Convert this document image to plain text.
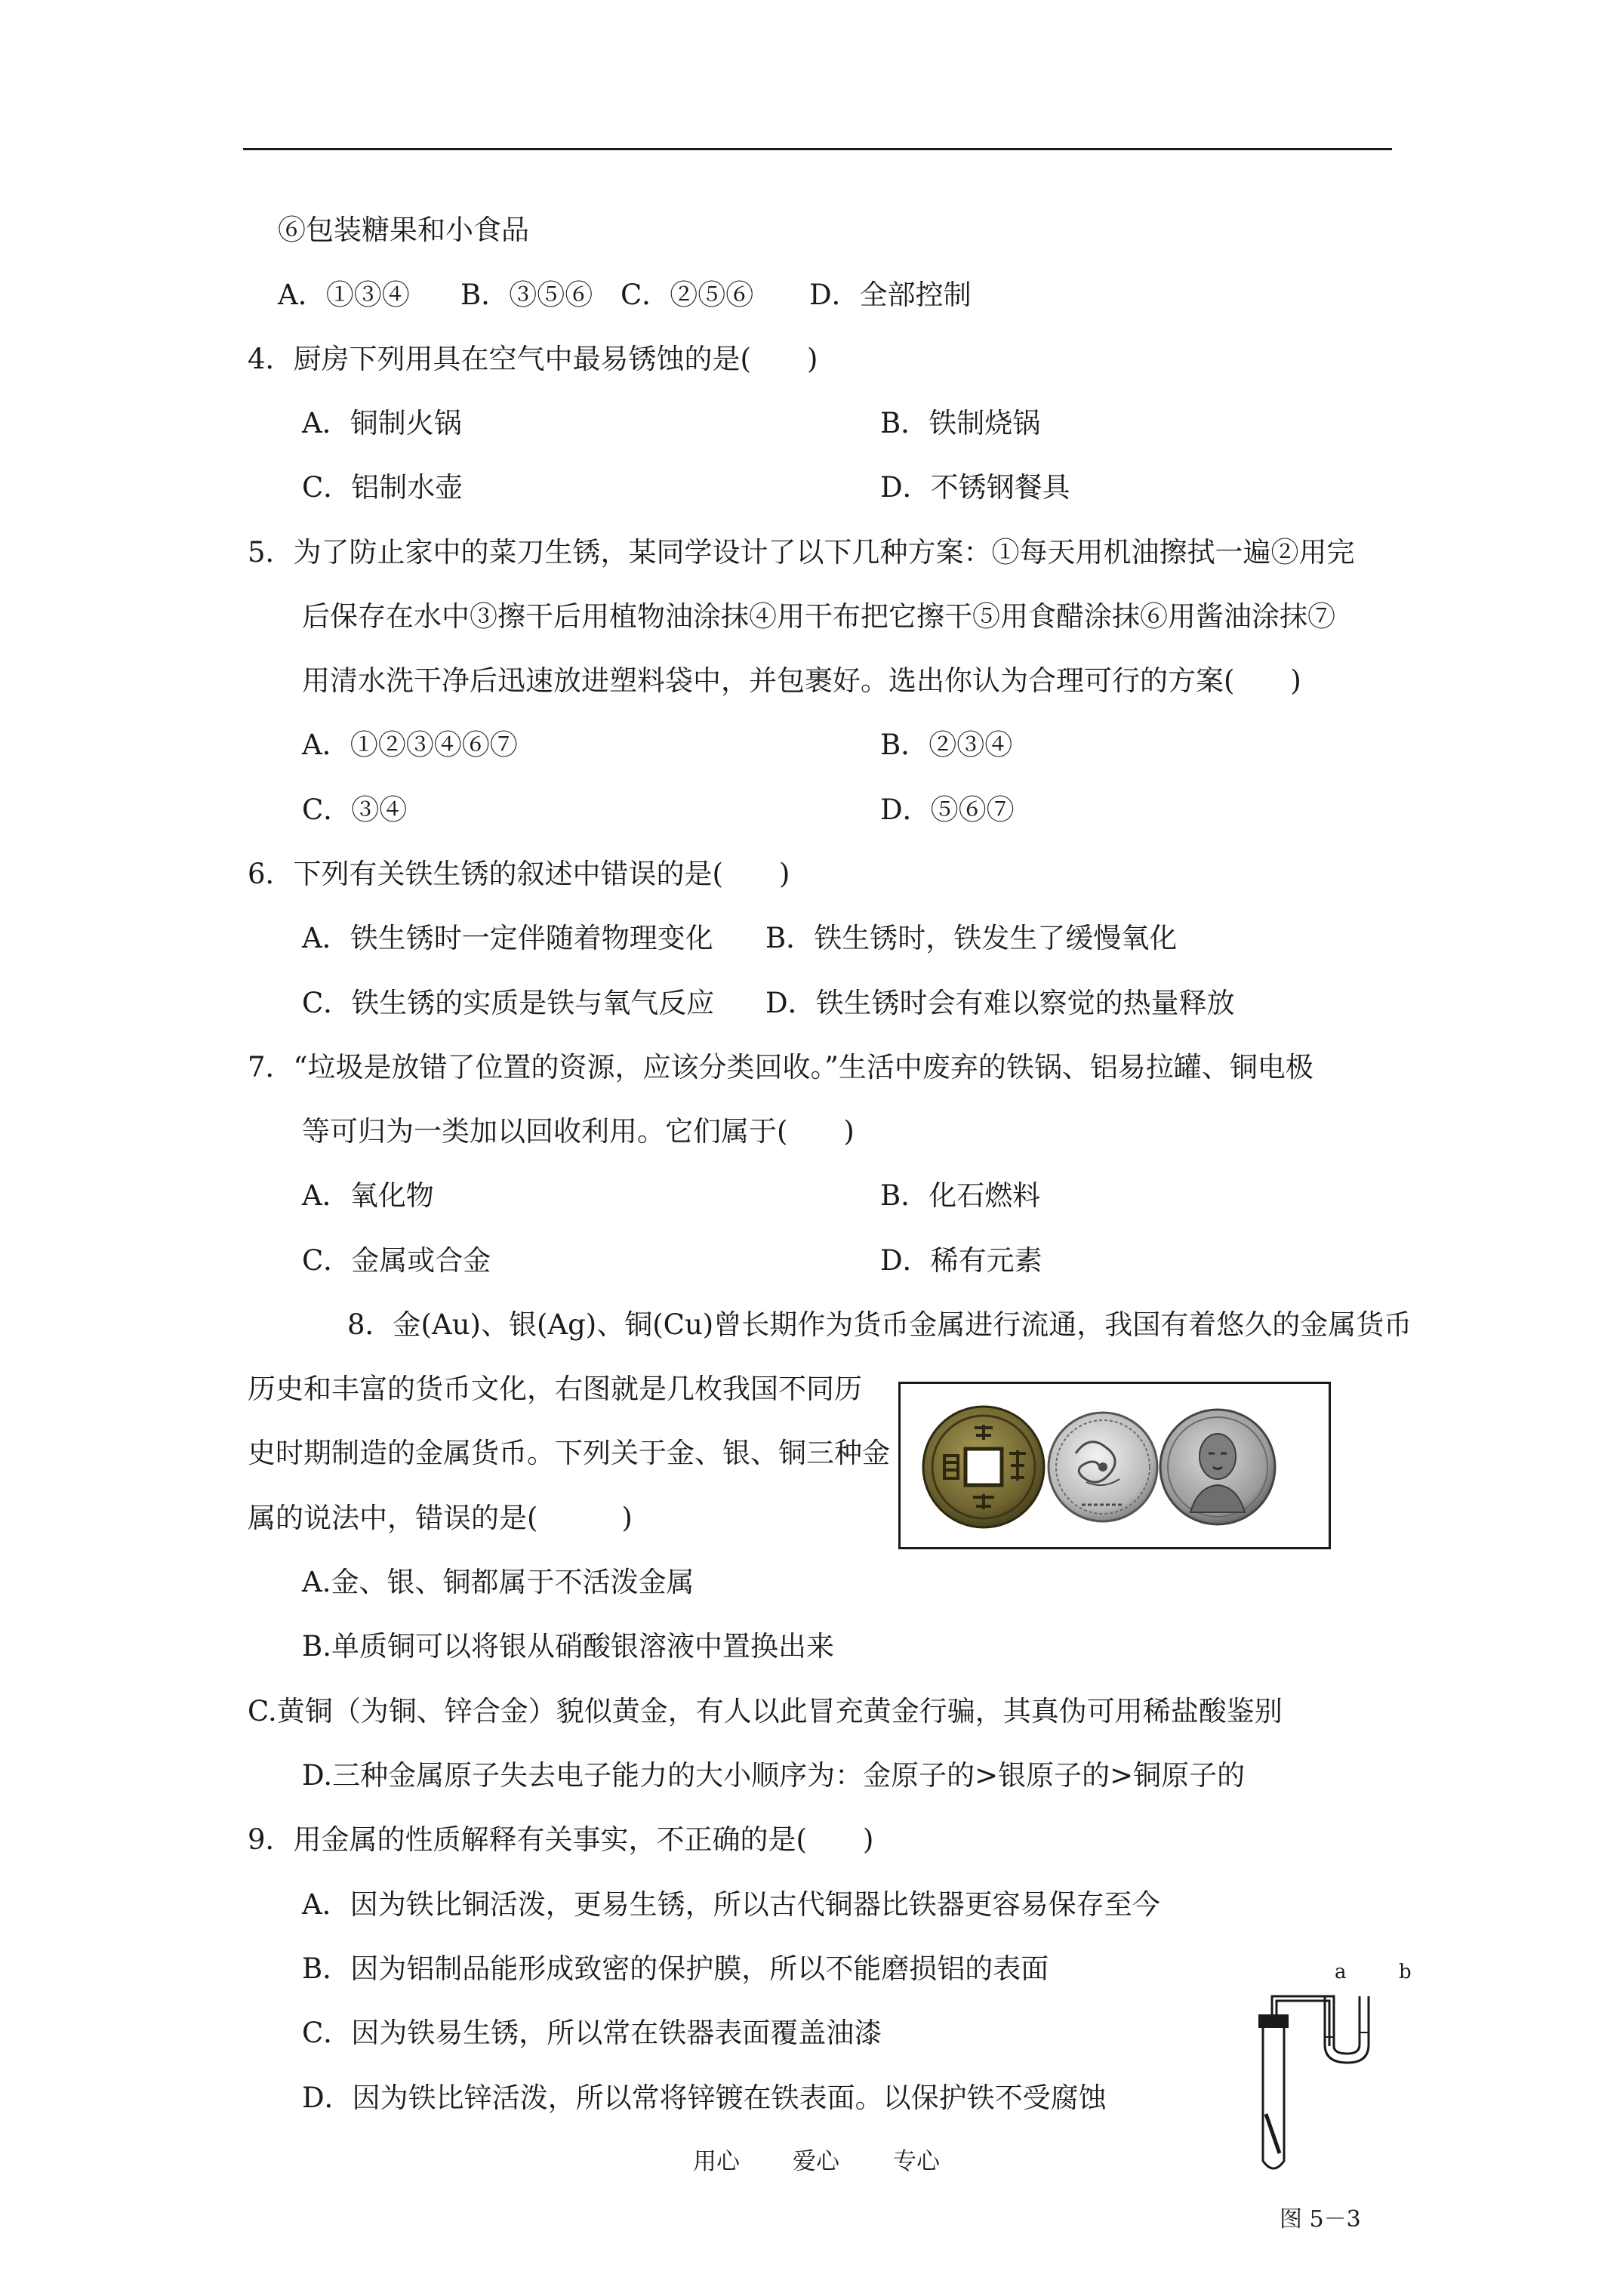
⑥包装糖果和小食品
A．①③④ B．③⑤⑥ C．②⑤⑥ D．全部控制
4．厨房下列用具在空气中最易锈蚀的是(　　)
A．铜制火锅	B．铁制烧锅
C．铝制水壶	D．不锈钢餐具
5．为了防止家中的菜刀生锈，某同学设计了以下几种方案：①每天用机油擦拭一遍②用完
后保存在水中③擦干后用植物油涂抹④用干布把它擦干⑤用食醋涂抹⑥用酱油涂抹⑦
用清水洗干净后迅速放进塑料袋中，并包裹好。选出你认为合理可行的方案(　　)
A．①②③④⑥⑦	B．②③④
C．③④	D．⑤⑥⑦
6．下列有关铁生锈的叙述中错误的是(　　)
A．铁生锈时一定伴随着物理变化 B．铁生锈时，铁发生了缓慢氧化
C．铁生锈的实质是铁与氧气反应 D．铁生锈时会有难以察觉的热量释放
7．“垃圾是放错了位置的资源，应该分类回收。”生活中废弃的铁锅、铝易拉罐、铜电极
等可归为一类加以回收利用。它们属于(　　)
A．氧化物	B．化石燃料
C．金属或合金	D．稀有元素
8．金(Au)、银(Ag)、铜(Cu)曾长期作为货币金属进行流通，我国有着悠久的金属货币
历史和丰富的货币文化，右图就是几枚我国不同历
史时期制造的金属货币。下列关于金、银、铜三种金
属的说法中，错误的是(　　　)
A.金、银、铜都属于不活泼金属
B.单质铜可以将银从硝酸银溶液中置换出来
C.黄铜（为铜、锌合金）貌似黄金，有人以此冒充黄金行骗，其真伪可用稀盐酸鉴别
D.三种金属原子失去电子能力的大小顺序为：金原子的>银原子的>铜原子的
9．用金属的性质解释有关事实，不正确的是(　　)
A．因为铁比铜活泼，更易生锈，所以古代铜器比铁器更容易保存至今
B．因为铝制品能形成致密的保护膜，所以不能磨损铝的表面
C．因为铁易生锈，所以常在铁器表面覆盖油漆
D．因为铁比锌活泼，所以常将锌镀在铁表面。以保护铁不受腐蚀
a	b
图 5－3
用心 爱心 专心
